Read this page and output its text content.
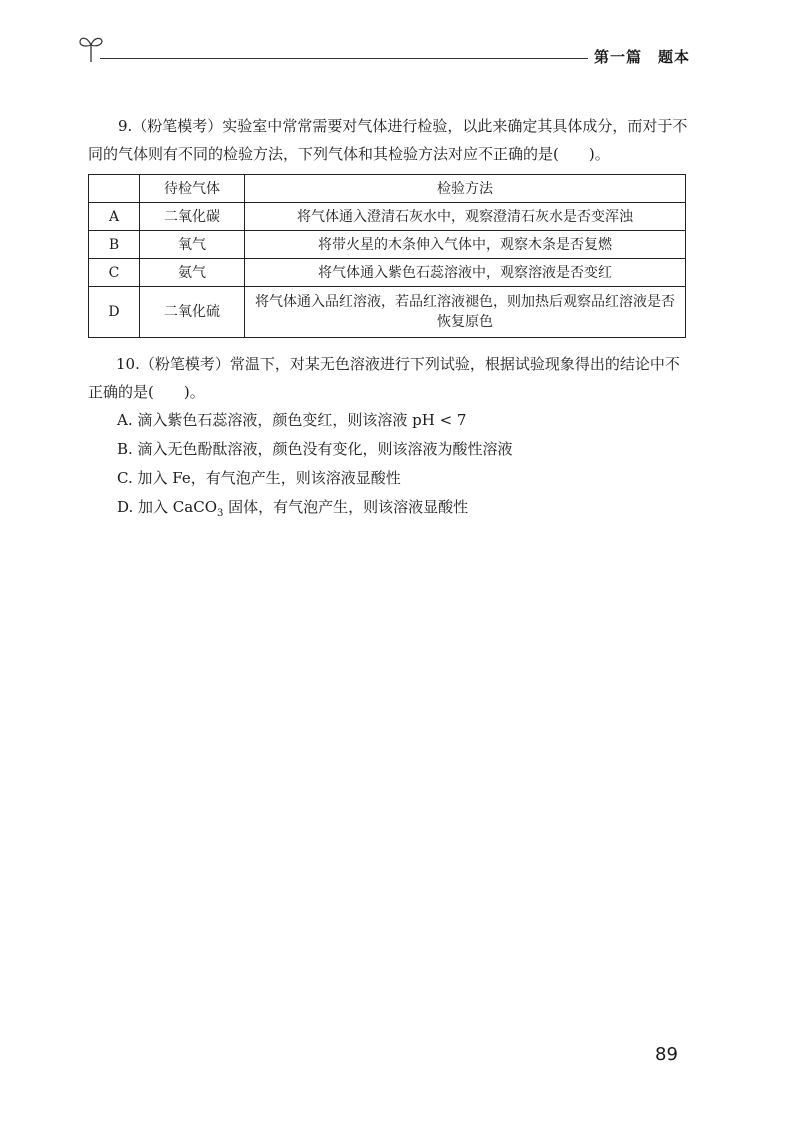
第一篇 题本
9.（粉笔模考）实验室中常常需要对气体进行检验，以此来确定其具体成分，而对于不同的气体则有不同的检验方法，下列气体和其检验方法对应不正确的是(　　)。
	待检气体	检验方法
A	二氧化碳	将气体通入澄清石灰水中，观察澄清石灰水是否变浑浊
B	氧气	将带火星的木条伸入气体中，观察木条是否复燃
C	氨气	将气体通入紫色石蕊溶液中，观察溶液是否变红
D	二氧化硫	将气体通入品红溶液，若品红溶液褪色，则加热后观察品红溶液是否恢复原色
10.（粉笔模考）常温下，对某无色溶液进行下列试验，根据试验现象得出的结论中不正确的是(　　)。
A. 滴入紫色石蕊溶液，颜色变红，则该溶液 pH < 7
B. 滴入无色酚酞溶液，颜色没有变化，则该溶液为酸性溶液
C. 加入 Fe，有气泡产生，则该溶液显酸性
D. 加入 CaCO$_3$ 固体，有气泡产生，则该溶液显酸性
89
